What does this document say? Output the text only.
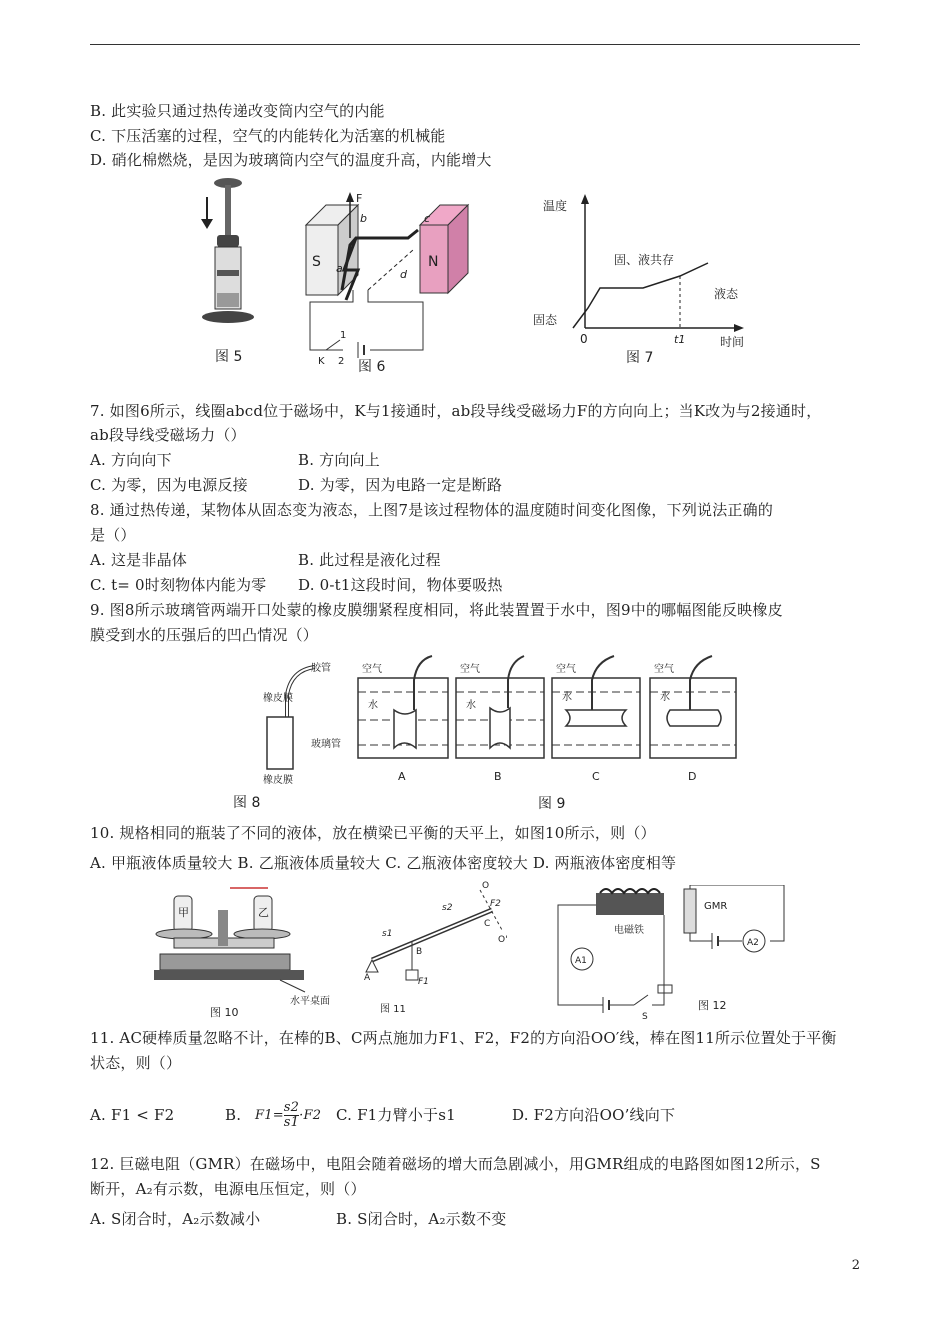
B. 此实验只通过热传递改变筒内空气的内能
C. 下压活塞的过程，空气的内能转化为活塞的机械能
D. 硝化棉燃烧，是因为玻璃筒内空气的温度升高，内能增大
图 5
S	N
F
a
b	c
d
1
2
K 图 6
温度
时间
0	t1
固态
固、液共存
液态
图 7
7. 如图6所示，线圈abcd位于磁场中，K与1接通时，ab段导线受磁场力F的方向向上；当K改为与2接通时，
ab段导线受磁场力（）
A. 方向向下	B. 方向向上
C. 为零，因为电源反接	D. 为零，因为电路一定是断路
8. 通过热传递，某物体从固态变为液态，上图7是该过程物体的温度随时间变化图像，下列说法正确的
是（）
A. 这是非晶体	B. 此过程是液化过程
C. t= 0时刻物体内能为零 D. 0-t1这段时间，物体要吸热
9. 图8所示玻璃管两端开口处蒙的橡皮膜绷紧程度相同，将此装置置于水中，图9中的哪幅图能反映橡皮
膜受到水的压强后的凹凸情况（）
胶管
橡皮膜
玻璃管
橡皮膜
图 8
空气
水
A
空气
水
B
空气
水
C
空气
水
D
图 9
10. 规格相同的瓶装了不同的液体，放在横梁已平衡的天平上，如图10所示，则（）
A. 甲瓶液体质量较大 B. 乙瓶液体质量较大 C. 乙瓶液体密度较大 D. 两瓶液体密度相等
甲	乙
水平桌面
图 10
A
B
C
O
O'
s1
s2
F1
F2
图 11
电磁铁
GMR
A2
A1
S
图 12
11. AC硬棒质量忽略不计，在棒的B、C两点施加力F1、F2，F2的方向沿OO′线，棒在图11所示位置处于平衡
状态，则（）
A. F1 < F2	B. $F1= \frac{s2}{s1} \cdot F2$ C. F1力臂小于s1	D. F2方向沿OO’线向下
12. 巨磁电阻（GMR）在磁场中，电阻会随着磁场的增大而急剧减小，用GMR组成的电路图如图12所示，S
断开，A₂有示数，电源电压恒定，则（）
A. S闭合时，A₂示数减小	B. S闭合时，A₂示数不变
2
